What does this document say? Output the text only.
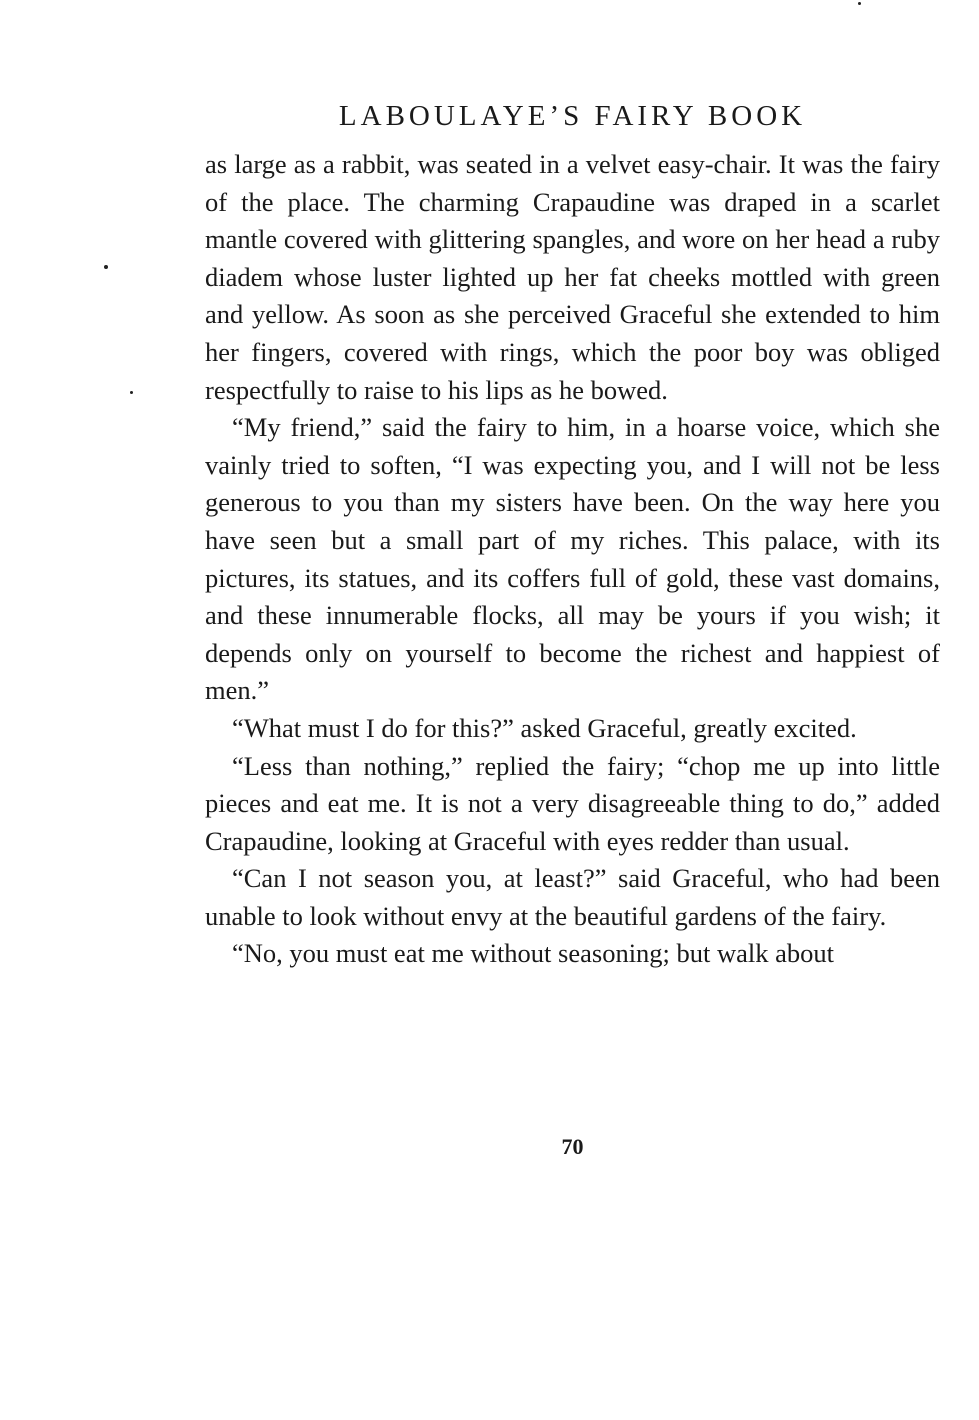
LABOULAYE’S FAIRY BOOK

as large as a rabbit, was seated in a velvet easy-chair. It was the fairy of the place. The charming Crapaudine was draped in a scarlet mantle covered with glittering spangles, and wore on her head a ruby diadem whose luster lighted up her fat cheeks mottled with green and yellow. As soon as she perceived Graceful she extended to him her fingers, covered with rings, which the poor boy was obliged respectfully to raise to his lips as he bowed.

“My friend,” said the fairy to him, in a hoarse voice, which she vainly tried to soften, “I was expecting you, and I will not be less generous to you than my sisters have been. On the way here you have seen but a small part of my riches. This palace, with its pictures, its statues, and its coffers full of gold, these vast domains, and these innumerable flocks, all may be yours if you wish; it depends only on yourself to become the richest and happiest of men.”

“What must I do for this?” asked Graceful, greatly excited.

“Less than nothing,” replied the fairy; “chop me up into little pieces and eat me. It is not a very disagreeable thing to do,” added Crapaudine, looking at Graceful with eyes redder than usual.

“Can I not season you, at least?” said Graceful, who had been unable to look without envy at the beautiful gardens of the fairy.

“No, you must eat me without seasoning; but walk about

70
